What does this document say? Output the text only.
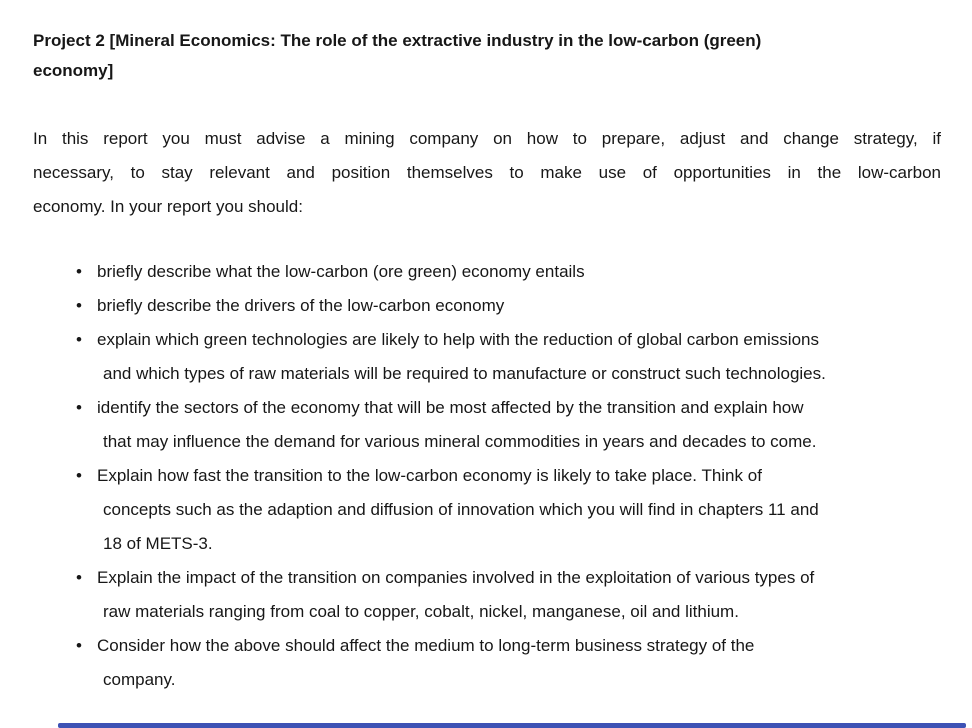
Project 2 [Mineral Economics: The role of the extractive industry in the low-carbon (green)
economy]
In this report you must advise a mining company on how to prepare, adjust and change strategy, if
necessary, to stay relevant and position themselves to make use of opportunities in the low-carbon
economy. In your report you should:
• briefly describe what the low-carbon (ore green) economy entails
• briefly describe the drivers of the low-carbon economy
• explain which green technologies are likely to help with the reduction of global carbon emissions
and which types of raw materials will be required to manufacture or construct such technologies.
• identify the sectors of the economy that will be most affected by the transition and explain how
that may influence the demand for various mineral commodities in years and decades to come.
• Explain how fast the transition to the low-carbon economy is likely to take place. Think of
concepts such as the adaption and diffusion of innovation which you will find in chapters 11 and
18 of METS-3.
• Explain the impact of the transition on companies involved in the exploitation of various types of
raw materials ranging from coal to copper, cobalt, nickel, manganese, oil and lithium.
• Consider how the above should affect the medium to long-term business strategy of the
company.
